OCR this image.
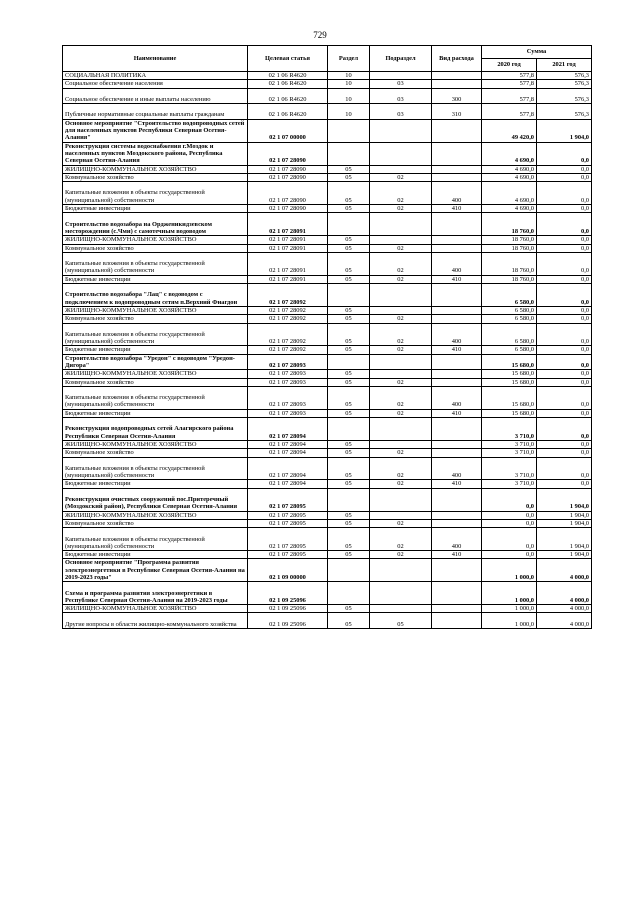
729
Наименование	Целевая статья	Раздел	Подраздел	Вид расхода	Сумма	
					2020 год	2021 год
СОЦИАЛЬНАЯ ПОЛИТИКА	02 1 06 R4620	10			577,8	576,3
Социальное обеспечение населения	02 1 06 R4620	10	03		577,8	576,3
Социальное обеспечение и иные выплаты населению	02 1 06 R4620	10	03	300	577,8	576,3
Публичные нормативные социальные выплаты гражданам	02 1 06 R4620	10	03	310	577,8	576,3
Основное мероприятие "Строительство водопроводных сетей для населенных пунктов Республики Северная Осетия-Алания"	02 1 07 00000				49 420,0	1 904,0
Реконструкция системы водоснабжения г.Моздок и населенных пунктов Моздокского района, Республика Северная Осетия-Алания	02 1 07 28090				4 690,0	0,0
ЖИЛИЩНО-КОММУНАЛЬНОЕ ХОЗЯЙСТВО	02 1 07 28090	05			4 690,0	0,0
Коммунальное хозяйство	02 1 07 28090	05	02		4 690,0	0,0
Капитальные вложения в объекты государственной (муниципальной) собственности	02 1 07 28090	05	02	400	4 690,0	0,0
Бюджетные инвестиции	02 1 07 28090	05	02	410	4 690,0	0,0
Строительство водозабора на Ордженикидзевском месторождении (с.Чми) с самотечным водоводом	02 1 07 28091				18 760,0	0,0
ЖИЛИЩНО-КОММУНАЛЬНОЕ ХОЗЯЙСТВО	02 1 07 28091	05			18 760,0	0,0
Коммунальное хозяйство	02 1 07 28091	05	02		18 760,0	0,0
Капитальные вложения в объекты государственной (муниципальной) собственности	02 1 07 28091	05	02	400	18 760,0	0,0
Бюджетные инвестиции	02 1 07 28091	05	02	410	18 760,0	0,0
Строительство водозабора "Лац" с водоводом с подключением к водопроводным сетям п.Верхний Фиагдон	02 1 07 28092				6 580,0	0,0
ЖИЛИЩНО-КОММУНАЛЬНОЕ ХОЗЯЙСТВО	02 1 07 28092	05			6 580,0	0,0
Коммунальное хозяйство	02 1 07 28092	05	02		6 580,0	0,0
Капитальные вложения в объекты государственной (муниципальной) собственности	02 1 07 28092	05	02	400	6 580,0	0,0
Бюджетные инвестиции	02 1 07 28092	05	02	410	6 580,0	0,0
Строительство водозабора "Уредон" с водоводом "Уредон-Дигора"	02 1 07 28093				15 680,0	0,0
ЖИЛИЩНО-КОММУНАЛЬНОЕ ХОЗЯЙСТВО	02 1 07 28093	05			15 680,0	0,0
Коммунальное хозяйство	02 1 07 28093	05	02		15 680,0	0,0
Капитальные вложения в объекты государственной (муниципальной) собственности	02 1 07 28093	05	02	400	15 680,0	0,0
Бюджетные инвестиции	02 1 07 28093	05	02	410	15 680,0	0,0
Реконструкция водопроводных сетей Алагирского района Республики Северная Осетия-Алания	02 1 07 28094				3 710,0	0,0
ЖИЛИЩНО-КОММУНАЛЬНОЕ ХОЗЯЙСТВО	02 1 07 28094	05			3 710,0	0,0
Коммунальное хозяйство	02 1 07 28094	05	02		3 710,0	0,0
Капитальные вложения в объекты государственной (муниципальной) собственности	02 1 07 28094	05	02	400	3 710,0	0,0
Бюджетные инвестиции	02 1 07 28094	05	02	410	3 710,0	0,0
Реконструкция очистных сооружений пос.Притеречный (Моздокский район), Республики Северная Осетия-Алания	02 1 07 28095				0,0	1 904,0
ЖИЛИЩНО-КОММУНАЛЬНОЕ ХОЗЯЙСТВО	02 1 07 28095	05			0,0	1 904,0
Коммунальное хозяйство	02 1 07 28095	05	02		0,0	1 904,0
Капитальные вложения в объекты государственной (муниципальной) собственности	02 1 07 28095	05	02	400	0,0	1 904,0
Бюджетные инвестиции	02 1 07 28095	05	02	410	0,0	1 904,0
Основное мероприятие "Программа развития электроэнергетики в Республике Северная Осетия-Алания на 2019-2023 годы"	02 1 09 00000				1 000,0	4 000,0
Схема и программа развития электроэнергетики в Республике Северная Осетия-Алания на 2019-2023 годы	02 1 09 25096				1 000,0	4 000,0
ЖИЛИЩНО-КОММУНАЛЬНОЕ ХОЗЯЙСТВО	02 1 09 25096	05			1 000,0	4 000,0
Другие вопросы в области жилищно-коммунального хозяйства	02 1 09 25096	05	05		1 000,0	4 000,0
